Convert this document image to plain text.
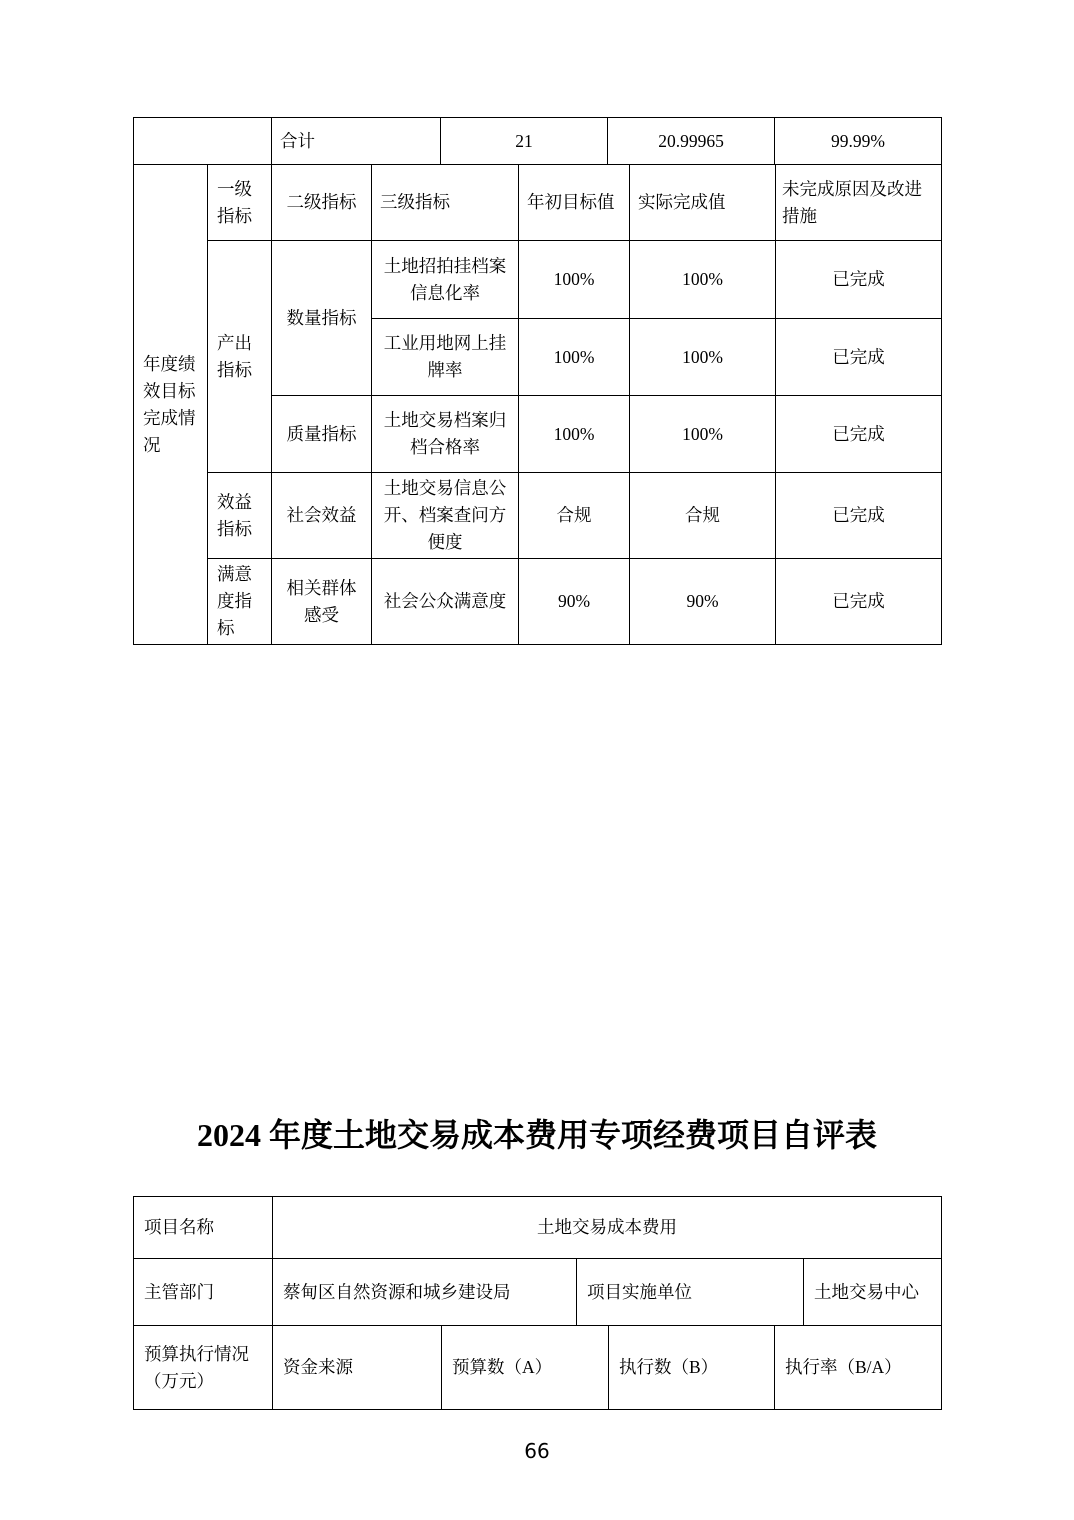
	合计	21	20.99965	99.99%
年度绩效目标完成情况	一级指标	二级指标	三级指标	年初目标值	实际完成值	未完成原因及改进措施
	产出指标	数量指标	土地招拍挂档案信息化率	100%	100%	已完成
			工业用地网上挂牌率	100%	100%	已完成
		质量指标	土地交易档案归档合格率	100%	100%	已完成
	效益指标	社会效益	土地交易信息公开、档案查问方便度	合规	合规	已完成
	满意度指标	相关群体感受	社会公众满意度	90%	90%	已完成
2024 年度土地交易成本费用专项经费项目自评表
项目名称	土地交易成本费用					
主管部门	蔡甸区自然资源和城乡建设局		项目实施单位			土地交易中心
预算执行情况（万元）	资金来源	预算数（A）		执行数（B）	执行率（B/A）	
66
